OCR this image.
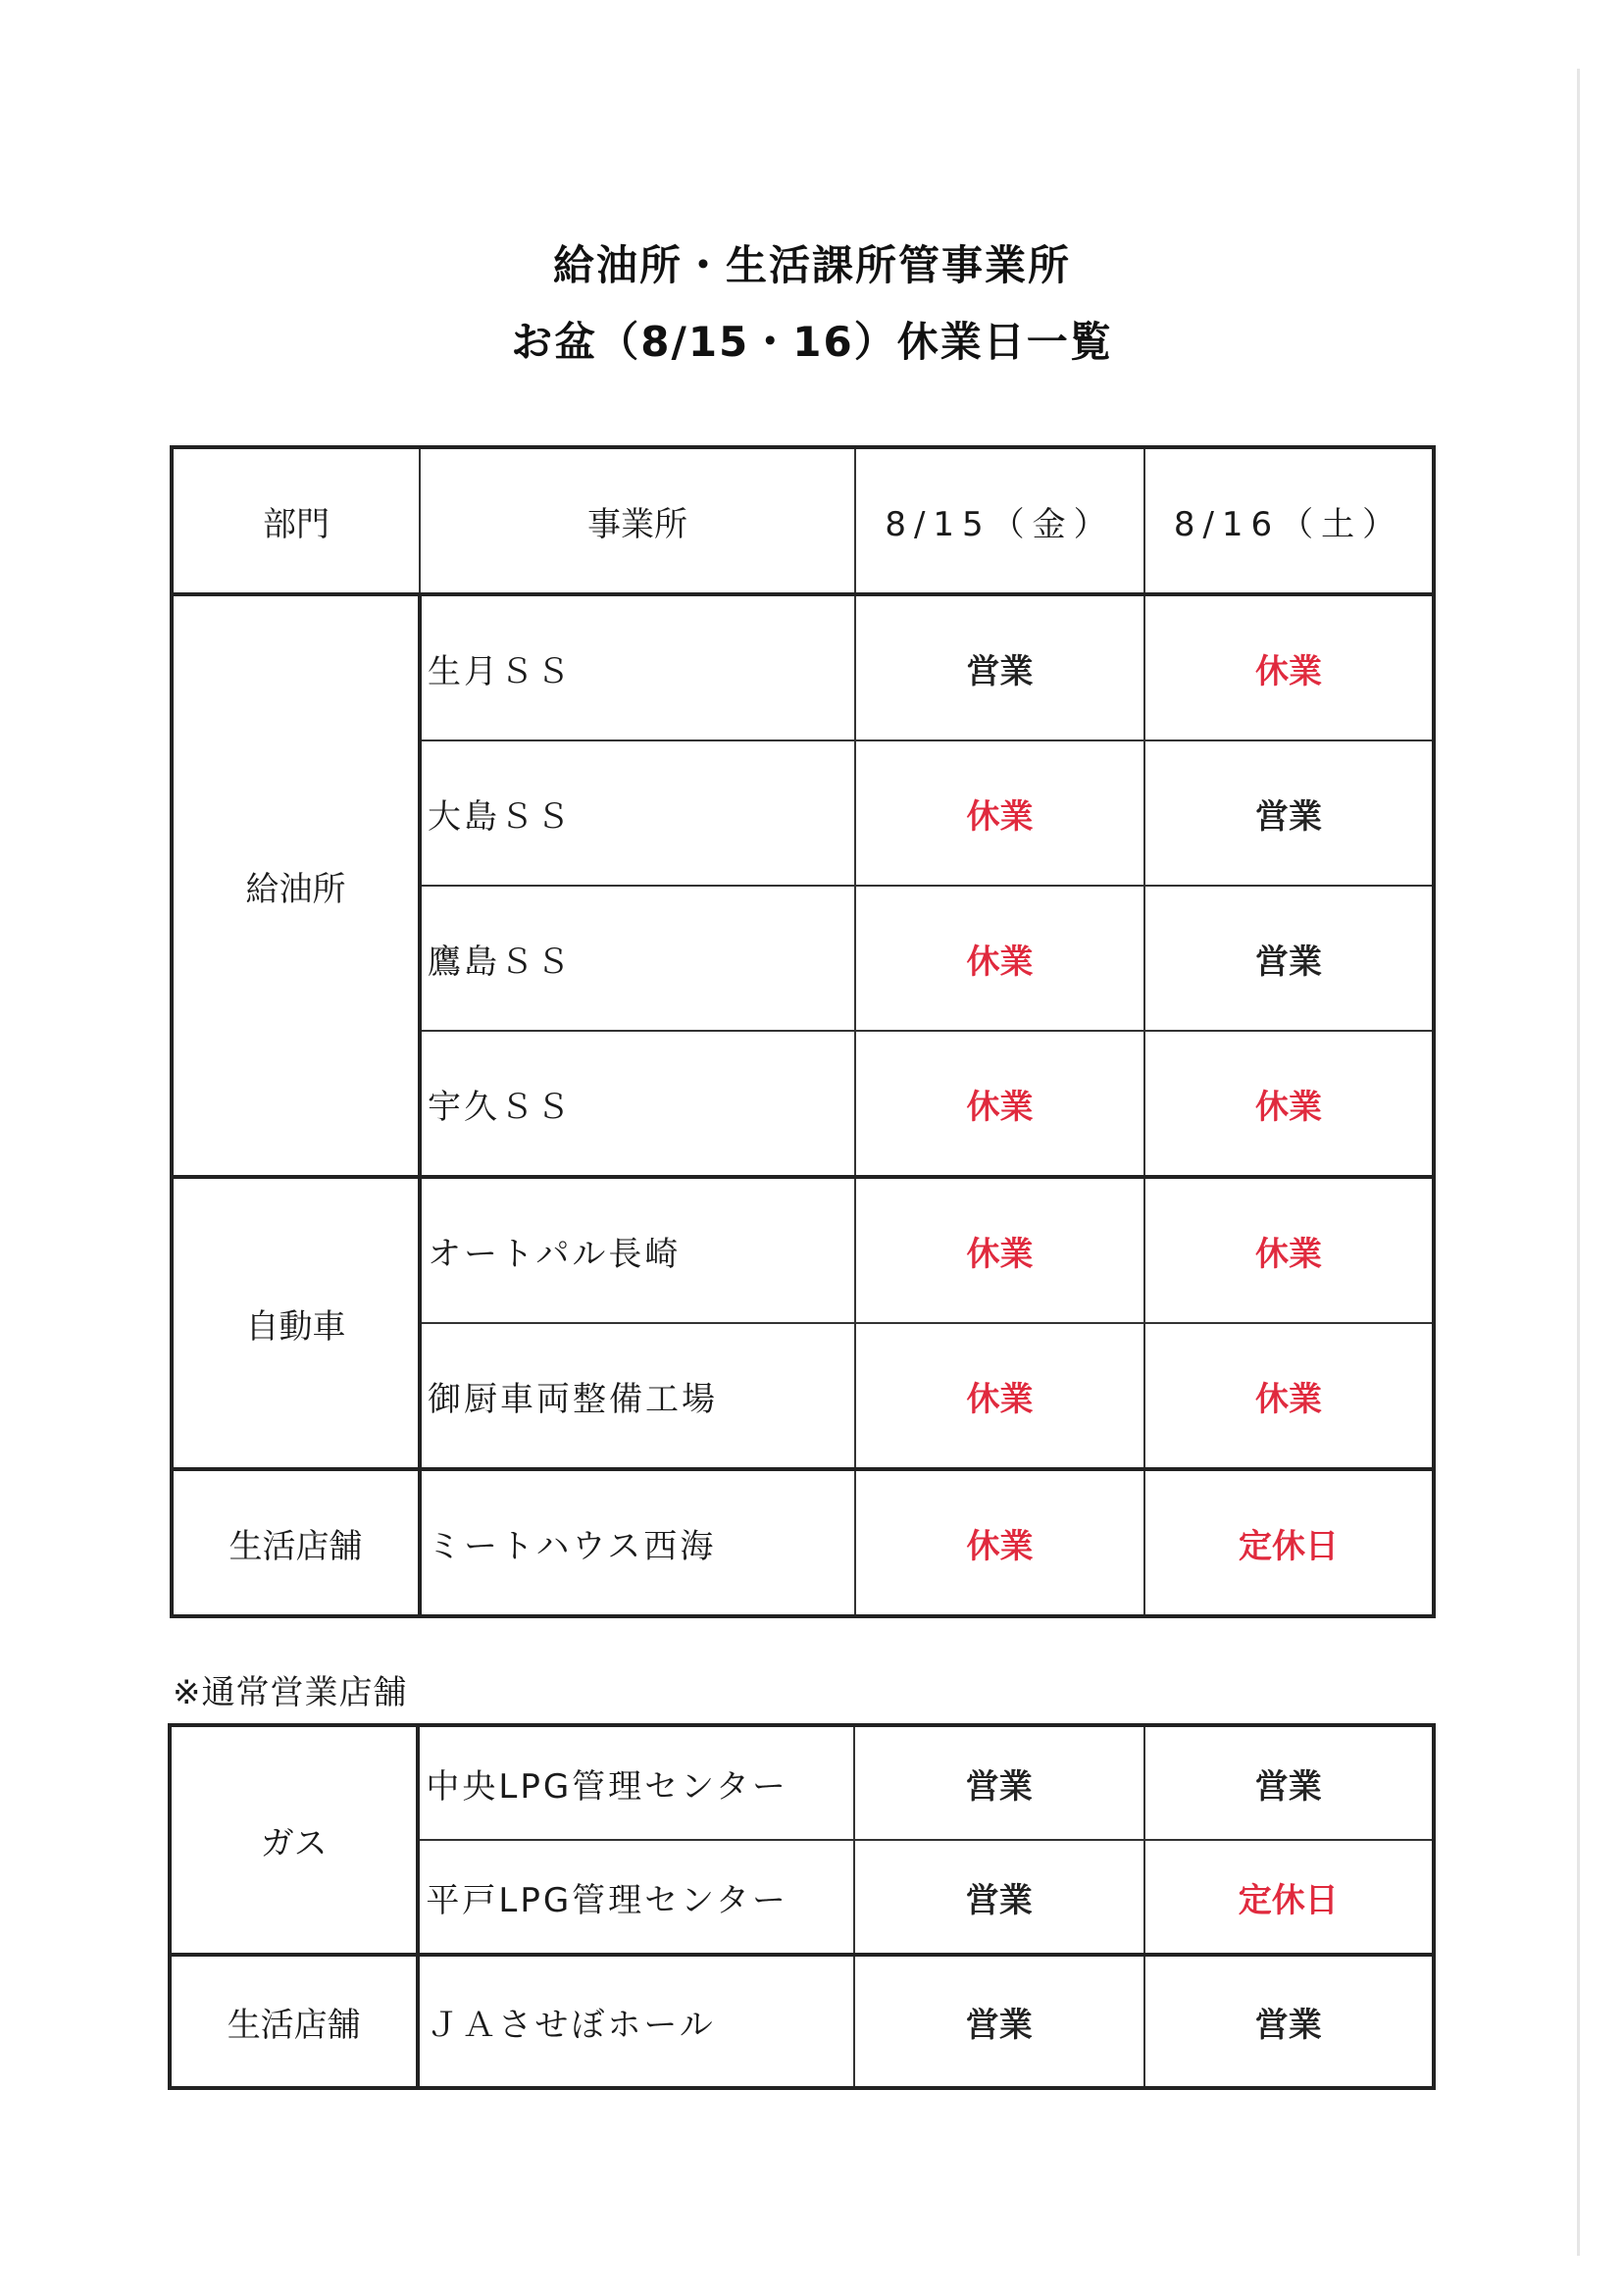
給油所・生活課所管事業所
お盆（8/15・16）休業日一覧
部門	事業所	8/15（金）	8/16（土）
給油所	生月ＳＳ	営業	休業
	大島ＳＳ	休業	営業
	鷹島ＳＳ	休業	営業
	宇久ＳＳ	休業	休業
自動車	オートパル長崎	休業	休業
	御厨車両整備工場	休業	休業
生活店舗	ミートハウス西海	休業	定休日
※通常営業店舗
ガス	中央LPG管理センター	営業	営業
	平戸LPG管理センター	営業	定休日
生活店舗	ＪＡさせぼホール	営業	営業
